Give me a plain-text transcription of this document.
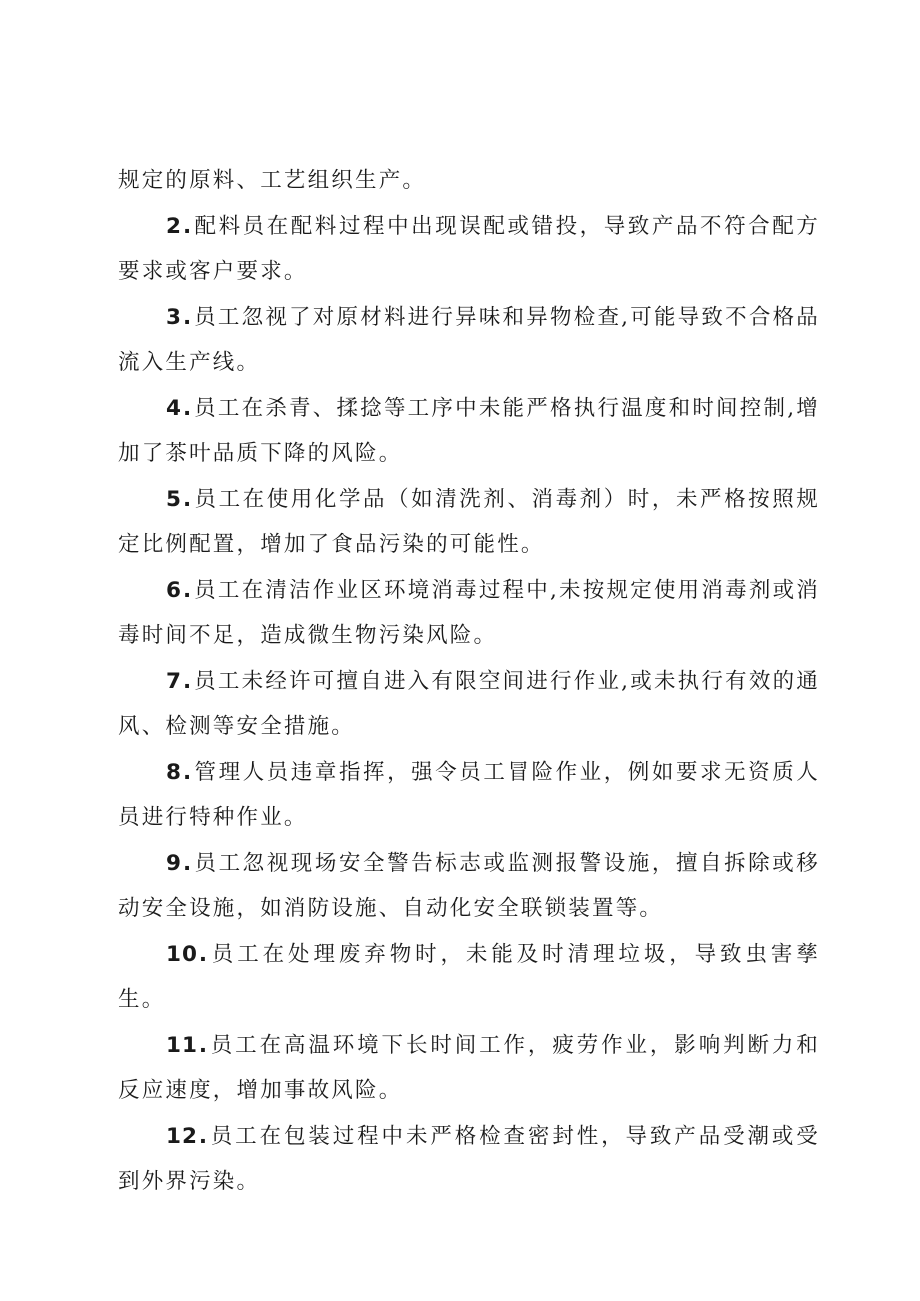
规定的原料、工艺组织生产。

2.配料员在配料过程中出现误配或错投，导致产品不符合配方要求或客户要求。

3.员工忽视了对原材料进行异味和异物检查,可能导致不合格品流入生产线。

4.员工在杀青、揉捻等工序中未能严格执行温度和时间控制,增加了茶叶品质下降的风险。

5.员工在使用化学品（如清洗剂、消毒剂）时，未严格按照规定比例配置，增加了食品污染的可能性。

6.员工在清洁作业区环境消毒过程中,未按规定使用消毒剂或消毒时间不足，造成微生物污染风险。

7.员工未经许可擅自进入有限空间进行作业,或未执行有效的通风、检测等安全措施。

8.管理人员违章指挥，强令员工冒险作业，例如要求无资质人员进行特种作业。

9.员工忽视现场安全警告标志或监测报警设施，擅自拆除或移动安全设施，如消防设施、自动化安全联锁装置等。

10.员工在处理废弃物时，未能及时清理垃圾，导致虫害孳生。

11.员工在高温环境下长时间工作，疲劳作业，影响判断力和反应速度，增加事故风险。

12.员工在包装过程中未严格检查密封性，导致产品受潮或受到外界污染。
